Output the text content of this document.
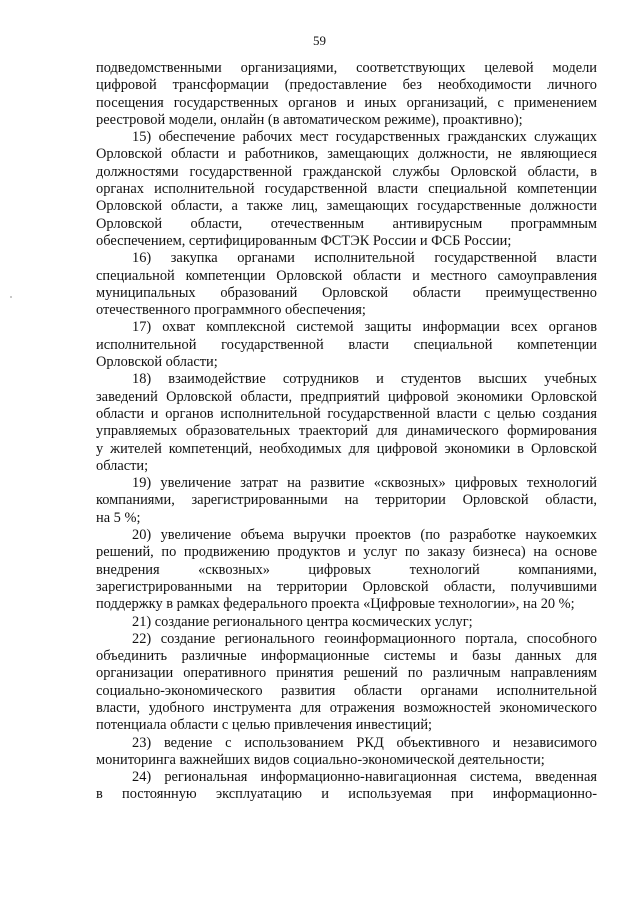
59
подведомственными организациями, соответствующих целевой модели
цифровой трансформации (предоставление без необходимости личного
посещения государственных органов и иных организаций, с применением
реестровой модели, онлайн (в автоматическом режиме), проактивно);
15) обеспечение рабочих мест государственных гражданских служащих
Орловской области и работников, замещающих должности, не являющиеся
должностями государственной гражданской службы Орловской области, в
органах исполнительной государственной власти специальной компетенции
Орловской области, а также лиц, замещающих государственные должности
Орловской области, отечественным антивирусным программным
обеспечением, сертифицированным ФСТЭК России и ФСБ России;
16) закупка органами исполнительной государственной власти
специальной компетенции Орловской области и местного самоуправления
муниципальных образований Орловской области преимущественно
отечественного программного обеспечения;
17) охват комплексной системой защиты информации всех органов
исполнительной государственной власти специальной компетенции
Орловской области;
18) взаимодействие сотрудников и студентов высших учебных
заведений Орловской области, предприятий цифровой экономики Орловской
области и органов исполнительной государственной власти с целью создания
управляемых образовательных траекторий для динамического формирования
у жителей компетенций, необходимых для цифровой экономики в Орловской
области;
19) увеличение затрат на развитие «сквозных» цифровых технологий
компаниями, зарегистрированными на территории Орловской области,
на 5 %;
20) увеличение объема выручки проектов (по разработке наукоемких
решений, по продвижению продуктов и услуг по заказу бизнеса) на основе
внедрения «сквозных» цифровых технологий компаниями,
зарегистрированными на территории Орловской области, получившими
поддержку в рамках федерального проекта «Цифровые технологии», на 20 %;
21) создание регионального центра космических услуг;
22) создание регионального геоинформационного портала, способного
объединить различные информационные системы и базы данных для
организации оперативного принятия решений по различным направлениям
социально-экономического развития области органами исполнительной
власти, удобного инструмента для отражения возможностей экономического
потенциала области с целью привлечения инвестиций;
23) ведение с использованием РКД объективного и независимого
мониторинга важнейших видов социально-экономической деятельности;
24) региональная информационно-навигационная система, введенная
в постоянную эксплуатацию и используемая при информационно-
